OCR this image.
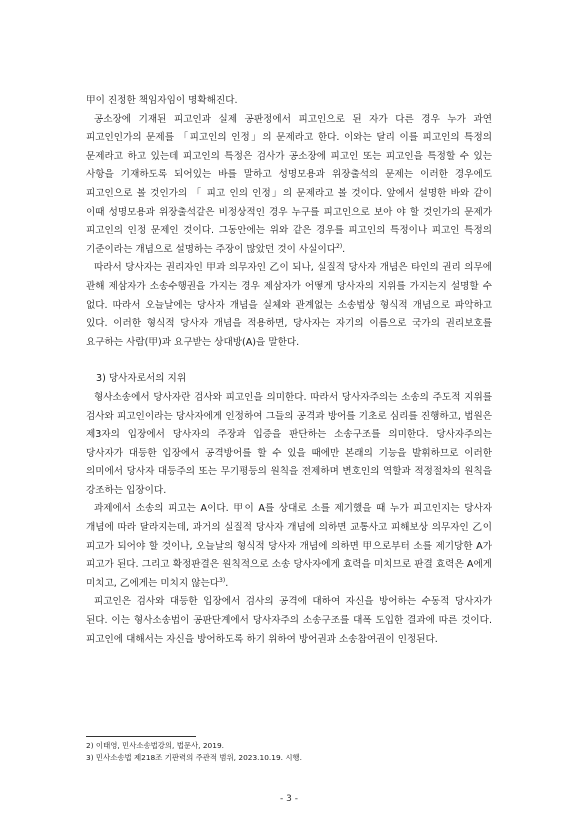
甲이 진정한 책임자임이 명확해진다.

공소장에 기재된 피고인과 실제 공판정에서 피고인으로 된 자가 다른 경우 누가 과연 피고인인가의 문제를 「피고인의 인정」의 문제라고 한다. 이와는 달리 이를 피고인의 특정의 문제라고 하고 있는데 피고인의 특정은 검사가 공소장에 피고인 또는 피고인을 특정할 수 있는 사항을 기재하도록 되어있는 바를 말하고 성명모용과 위장출석의 문제는 이러한 경우에도 피고인으로 볼 것인가의 「 피고 인의 인정」의 문제라고 볼 것이다. 앞에서 설명한 바와 같이 이때 성명모용과 위장출석같은 비정상적인 경우 누구를 피고인으로 보아 야 할 것인가의 문제가 피고인의 인정 문제인 것이다. 그동안에는 위와 같은 경우를 피고인의 특정이나 피고인 특정의 기준이라는 개념으로 설명하는 주장이 많았던 것이 사실이다$^{2)}$.

따라서 당사자는 권리자인 甲과 의무자인 乙이 되나, 실질적 당사자 개념은 타인의 권리 의무에 관해 제삼자가 소송수행권을 가지는 경우 제삼자가 어떻게 당사자의 지위를 가지는지 설명할 수 없다. 따라서 오늘날에는 당사자 개념을 실체와 관계없는 소송법상 형식적 개념으로 파악하고 있다. 이러한 형식적 당사자 개념을 적용하면, 당사자는 자기의 이름으로 국가의 권리보호를 요구하는 사람(甲)과 요구받는 상대방(A)을 말한다.

3) 당사자로서의 지위

형사소송에서 당사자란 검사와 피고인을 의미한다. 따라서 당사자주의는 소송의 주도적 지위를 검사와 피고인이라는 당사자에게 인정하여 그들의 공격과 방어를 기초로 심리를 진행하고, 법원은 제3자의 입장에서 당사자의 주장과 입증을 판단하는 소송구조를 의미한다. 당사자주의는 당사자가 대등한 입장에서 공격방어를 할 수 있을 때에만 본래의 기능을 발휘하므로 이러한 의미에서 당사자 대등주의 또는 무기평등의 원칙을 전제하며 변호인의 역할과 적정절차의 원칙을 강조하는 입장이다.

과제에서 소송의 피고는 A이다. 甲이 A를 상대로 소를 제기했을 때 누가 피고인지는 당사자 개념에 따라 달라지는데, 과거의 실질적 당사자 개념에 의하면 교통사고 피해보상 의무자인 乙이 피고가 되어야 할 것이나, 오늘날의 형식적 당사자 개념에 의하면 甲으로부터 소를 제기당한 A가 피고가 된다. 그리고 확정판결은 원칙적으로 소송 당사자에게 효력을 미치므로 판결 효력은 A에게 미치고, 乙에게는 미치지 않는다$^{3)}$.

피고인은 검사와 대등한 입장에서 검사의 공격에 대하여 자신을 방어하는 수동적 당사자가 된다. 이는 형사소송법이 공판단계에서 당사자주의 소송구조를 대폭 도입한 결과에 따른 것이다. 피고인에 대해서는 자신을 방어하도록 하기 위하여 방어권과 소송참여권이 인정된다.

2) 이태영, 민사소송법강의, 법문사, 2019.

3) 민사소송법 제218조 기판력의 주관적 범위, 2023.10.19. 시행.

- 3 -
